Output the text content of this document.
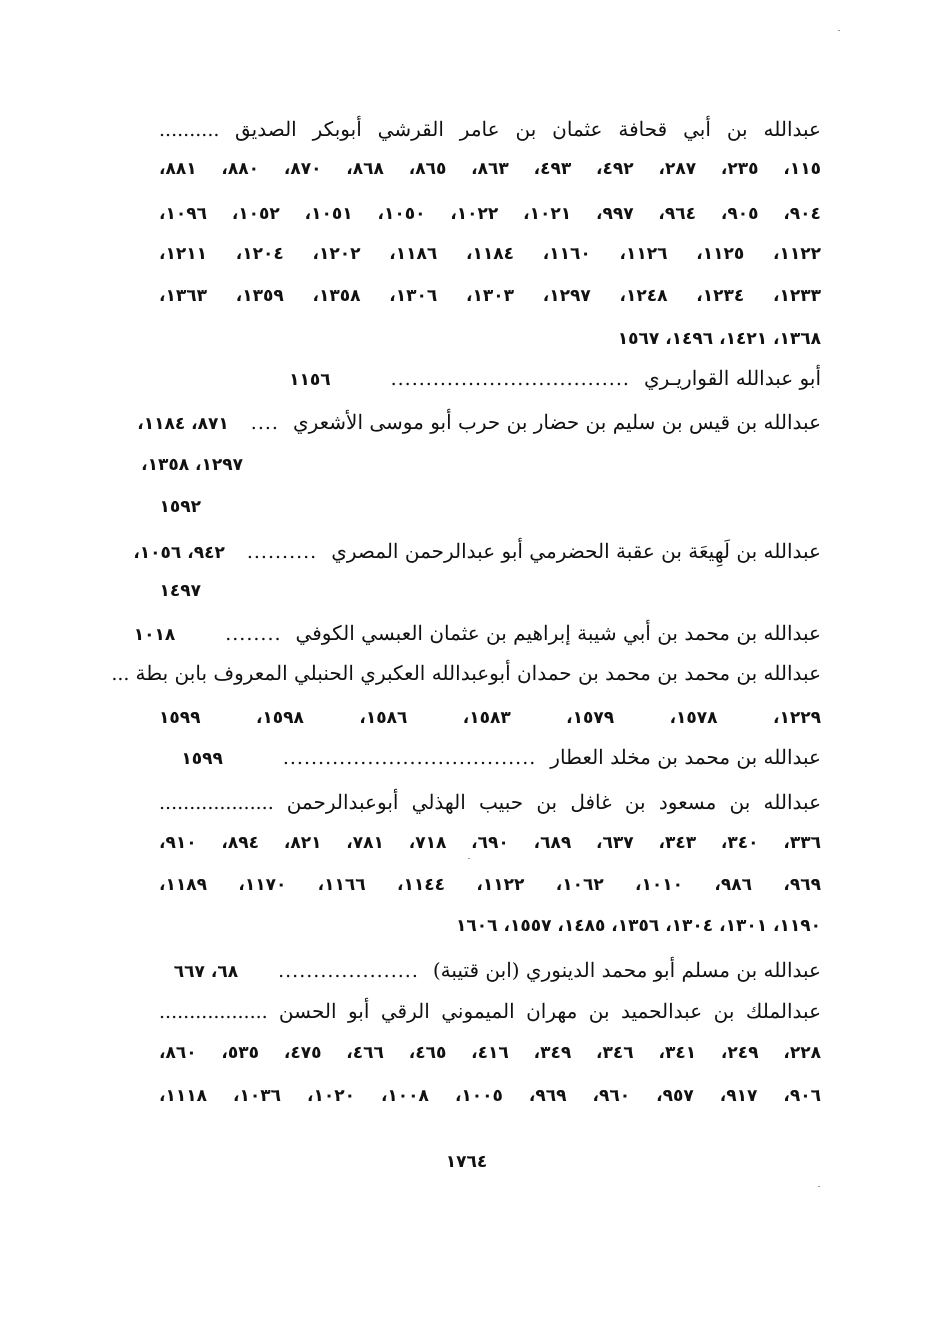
عبدالله بن أبي قحافة عثمان بن عامر القرشي أبوبكر الصديق ..........
١١٥، ٢٣٥، ٢٨٧، ٤٩٢، ٤٩٣، ٨٦٣، ٨٦٥، ٨٦٨، ٨٧٠، ٨٨٠، ٨٨١،
٩٠٤، ٩٠٥، ٩٦٤، ٩٩٧، ١٠٢١، ١٠٢٢، ١٠٥٠، ١٠٥١، ١٠٥٢، ١٠٩٦،
١١٢٢، ١١٢٥، ١١٢٦، ١١٦٠، ١١٨٤، ١١٨٦، ١٢٠٢، ١٢٠٤، ١٢١١،
١٢٣٣، ١٢٣٤، ١٢٤٨، ١٢٩٧، ١٣٠٣، ١٣٠٦، ١٣٥٨، ١٣٥٩، ١٣٦٣،
١٣٦٨، ١٤٢١، ١٤٩٦، ١٥٦٧
أبو عبدالله القواريـري
..................................
١١٥٦
عبدالله بن قيس بن سليم بن حضار بن حرب أبو موسى الأشعري
....
٨٧١، ١١٨٤،
١٢٩٧، ١٣٥٨،
١٥٩٢
عبدالله بن لَهِيعَة بن عقبة الحضرمي أبو عبدالرحمن المصري
..........
٩٤٢، ١٠٥٦،
١٤٩٧
عبدالله بن محمد بن أبي شيبة إبراهيم بن عثمان العبسي الكوفي
........
١٠١٨
عبدالله بن محمد بن محمد بن حمدان أبوعبدالله العكبري الحنبلي المعروف بابن بطة ...
١٢٢٩، ١٥٧٨، ١٥٧٩، ١٥٨٣، ١٥٨٦، ١٥٩٨، ١٥٩٩
عبدالله بن محمد بن مخلد العطار
....................................
١٥٩٩
عبدالله بن مسعود بن غافل بن حبيب الهذلي أبوعبدالرحمن ...................
٣٣٦، ٣٤٠، ٣٤٣، ٦٣٧، ٦٨٩، ٦٩٠، ٧١٨، ٧٨١، ٨٢١، ٨٩٤، ٩١٠،
٩٦٩، ٩٨٦، ١٠١٠، ١٠٦٢، ١١٢٢، ١١٤٤، ١١٦٦، ١١٧٠، ١١٨٩،
١١٩٠، ١٣٠١، ١٣٠٤، ١٣٥٦، ١٤٨٥، ١٥٥٧، ١٦٠٦
عبدالله بن مسلم أبو محمد الدينوري (ابن قتيبة)
....................
٦٨، ٦٦٧
عبدالملك بن عبدالحميد بن مهران الميموني الرقي أبو الحسن ..................
٢٢٨، ٢٤٩، ٣٤١، ٣٤٦، ٣٤٩، ٤١٦، ٤٦٥، ٤٦٦، ٤٧٥، ٥٣٥، ٨٦٠،
٩٠٦، ٩١٧، ٩٥٧، ٩٦٠، ٩٦٩، ١٠٠٥، ١٠٠٨، ١٠٢٠، ١٠٣٦، ١١١٨،
١٧٦٤
